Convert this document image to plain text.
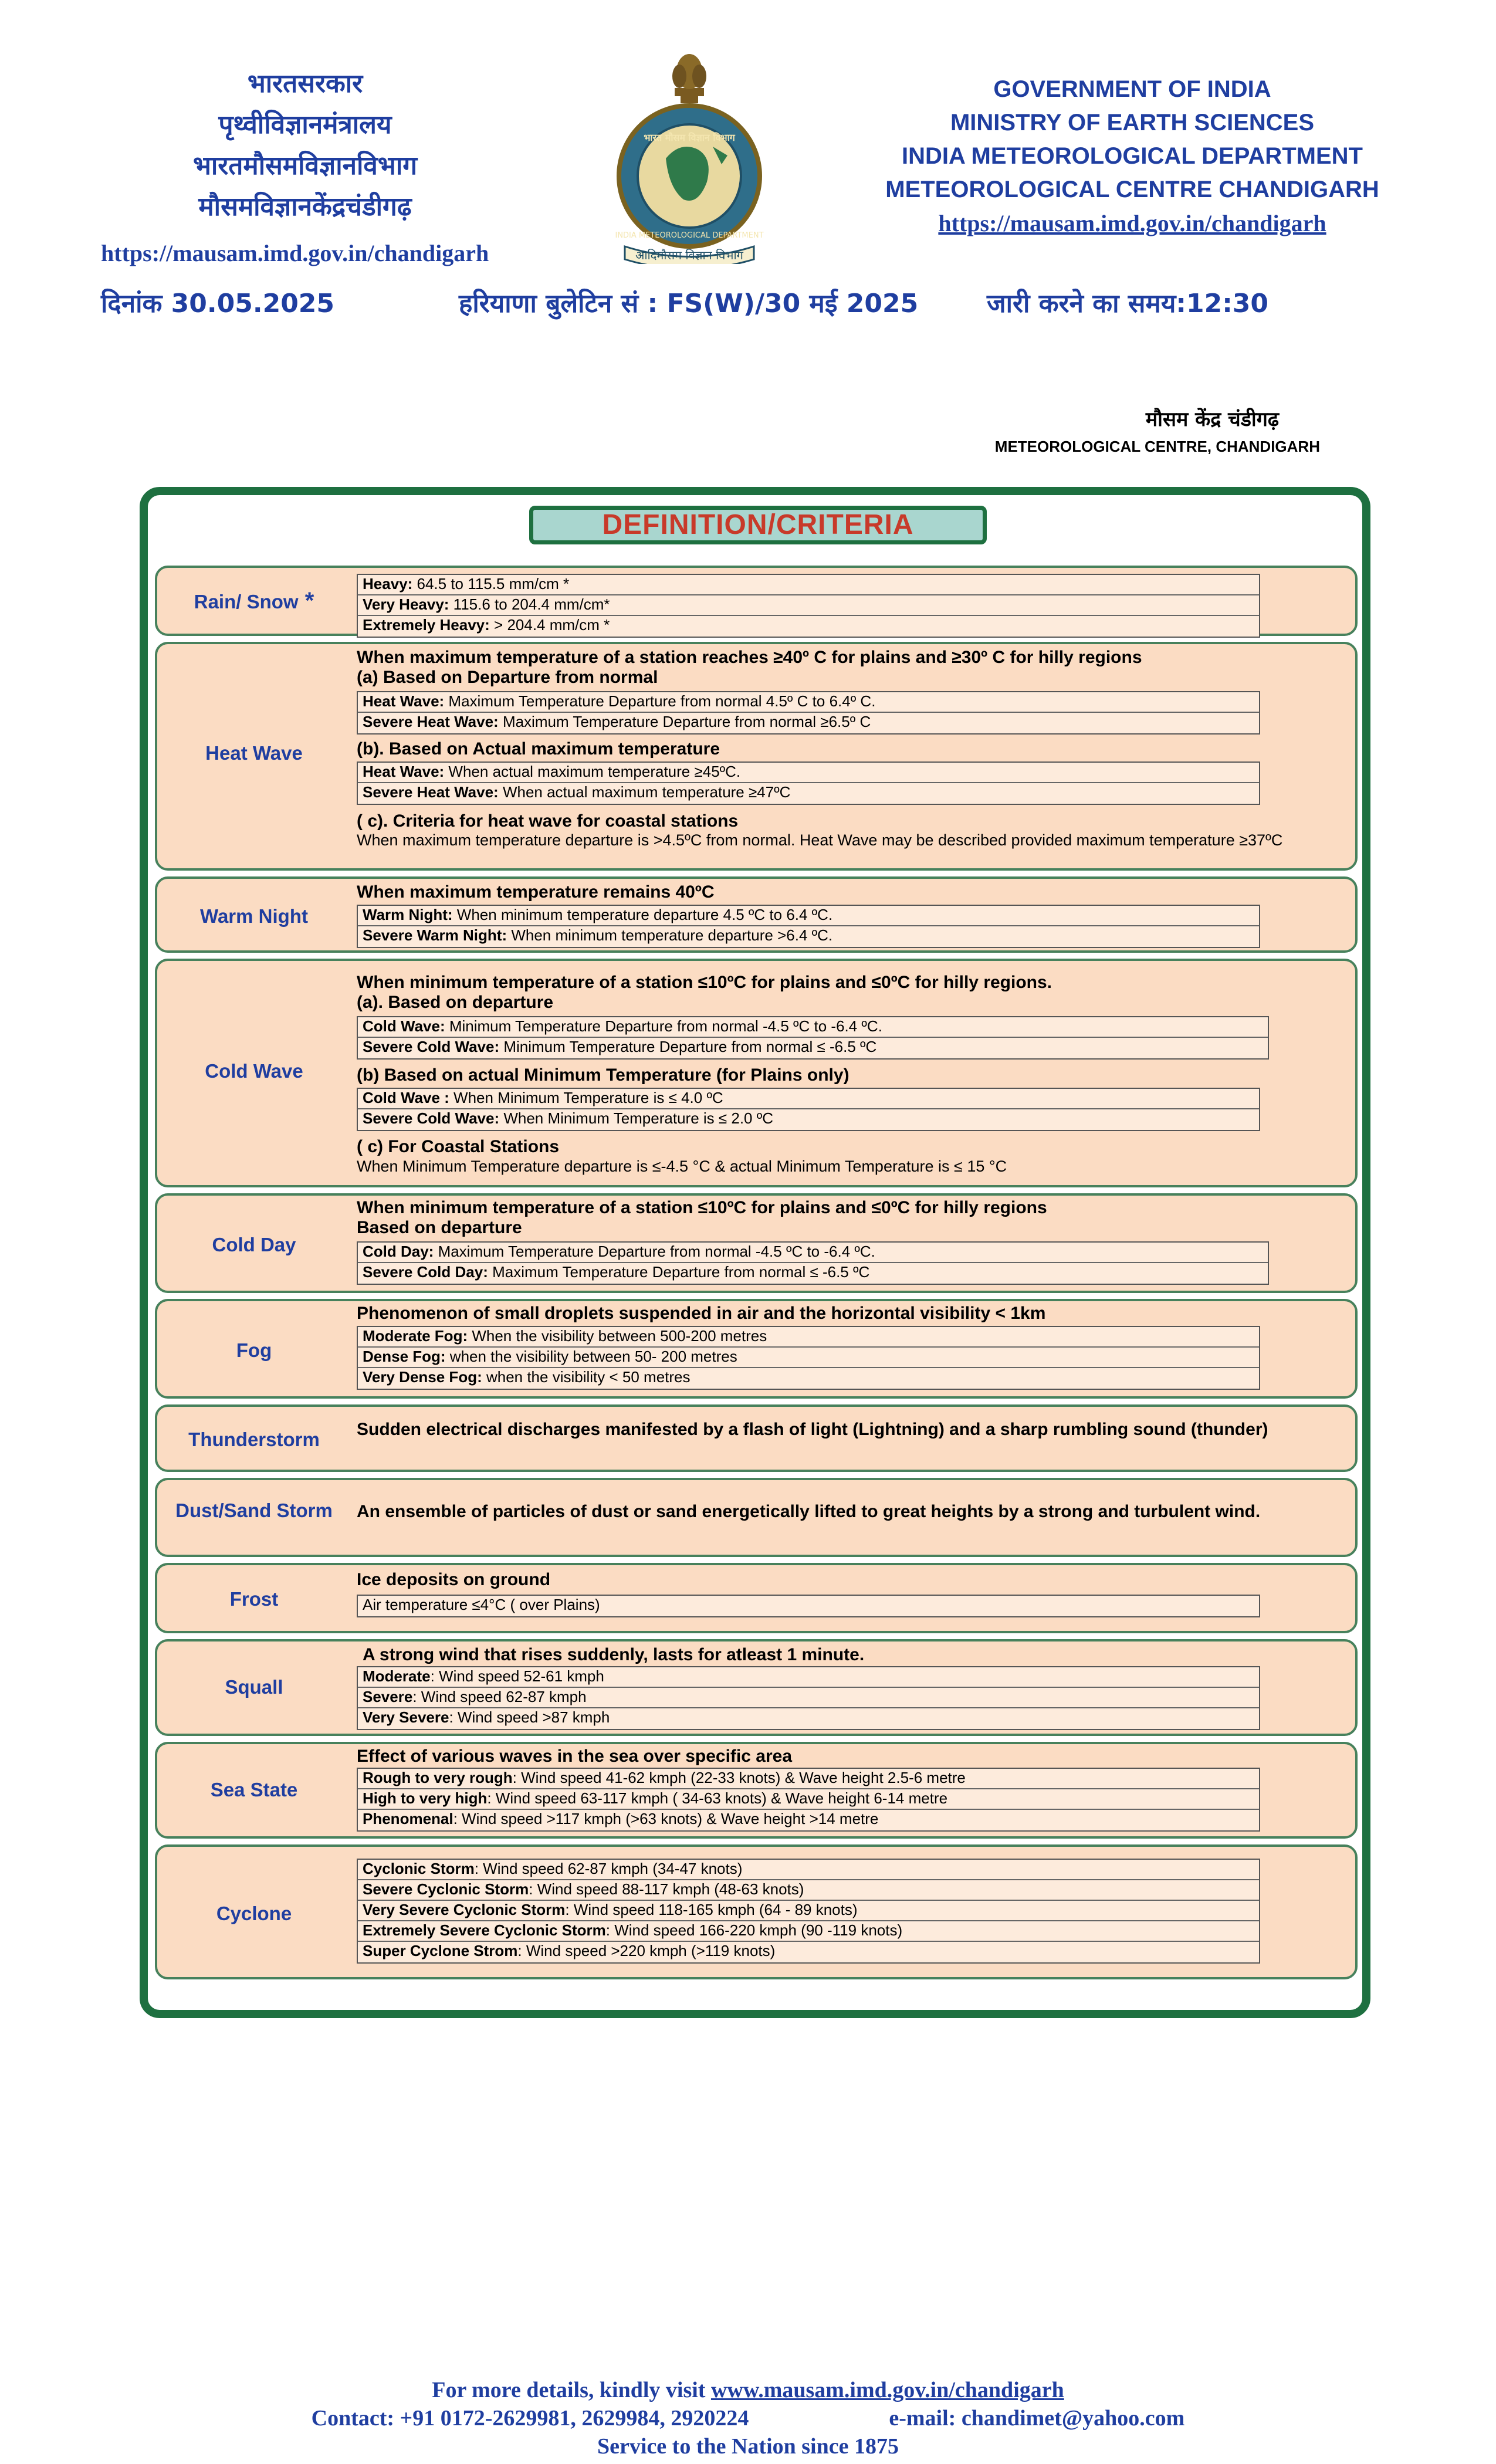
भारतसरकार
पृथ्वीविज्ञानमंत्रालय
भारतमौसमविज्ञानविभाग
मौसमविज्ञानकेंद्रचंडीगढ़
https://mausam.imd.gov.in/chandigarh
भारत मौसम विज्ञान विभाग
INDIA METEOROLOGICAL DEPARTMENT
आदिमौसम विज्ञान विभाग
GOVERNMENT OF INDIA
MINISTRY OF EARTH SCIENCES
INDIA METEOROLOGICAL DEPARTMENT
METEOROLOGICAL CENTRE CHANDIGARH
https://mausam.imd.gov.in/chandigarh
दिनांक 30.05.2025	हरियाणा बुलेटिन सं : FS(W)/30 मई 2025	जारी करने का समय:12:30
मौसम केंद्र चंडीगढ़
METEOROLOGICAL CENTRE, CHANDIGARH
DEFINITION/CRITERIA
Rain/ Snow *
Heavy: 64.5 to 115.5 mm/cm *
Very Heavy: 115.6 to 204.4 mm/cm*
Extremely Heavy: > 204.4 mm/cm *
Heat Wave
When maximum temperature of a station reaches ≥40º C for plains and ≥30º C for hilly regions
(a) Based on Departure from normal
Heat Wave: Maximum Temperature Departure from normal 4.5º C to 6.4º C.
Severe Heat Wave: Maximum Temperature Departure from normal ≥6.5º C
(b). Based on Actual maximum temperature
Heat Wave: When actual maximum temperature ≥45ºC.
Severe Heat Wave: When actual maximum temperature ≥47ºC
( c). Criteria for heat wave for coastal stations
When maximum temperature departure is >4.5ºC from normal. Heat Wave may be described provided maximum temperature ≥37ºC
Warm Night
When maximum temperature remains 40ºC
Warm Night: When minimum temperature departure 4.5 ºC to 6.4 ºC.
Severe Warm Night: When minimum temperature departure >6.4 ºC.
Cold Wave
When minimum temperature of a station ≤10ºC for plains and ≤0ºC for hilly regions.
(a). Based on departure
Cold Wave: Minimum Temperature Departure from normal -4.5 ºC to -6.4 ºC.
Severe Cold Wave: Minimum Temperature Departure from normal ≤ -6.5 ºC
(b) Based on actual Minimum Temperature (for Plains only)
Cold Wave : When Minimum Temperature is ≤ 4.0 ºC
Severe Cold Wave: When Minimum Temperature is ≤ 2.0 ºC
( c) For Coastal Stations
When Minimum Temperature departure is ≤-4.5 °C & actual Minimum Temperature is ≤ 15 °C
Cold Day
When minimum temperature of a station ≤10ºC for plains and ≤0ºC for hilly regions
Based on departure
Cold Day: Maximum Temperature Departure from normal -4.5 ºC to -6.4 ºC.
Severe Cold Day: Maximum Temperature Departure from normal ≤ -6.5 ºC
Fog
Phenomenon of small droplets suspended in air and the horizontal visibility < 1km
Moderate Fog: When the visibility between 500-200 metres
Dense Fog: when the visibility between 50- 200 metres
Very Dense Fog: when the visibility < 50 metres
Thunderstorm	Sudden electrical discharges manifested by a flash of light (Lightning) and a sharp rumbling sound (thunder)
Dust/Sand Storm An ensemble of particles of dust or sand energetically lifted to great heights by a strong and turbulent wind.
Frost
Ice deposits on ground
Air temperature ≤4°C ( over Plains)
Squall
A strong wind that rises suddenly, lasts for atleast 1 minute.
Moderate: Wind speed 52-61 kmph
Severe: Wind speed 62-87 kmph
Very Severe: Wind speed >87 kmph
Sea State
Effect of various waves in the sea over specific area
Rough to very rough: Wind speed 41-62 kmph (22-33 knots) & Wave height 2.5-6 metre
High to very high: Wind speed 63-117 kmph ( 34-63 knots) & Wave height 6-14 metre
Phenomenal: Wind speed >117 kmph (>63 knots) & Wave height >14 metre
Cyclone
Cyclonic Storm: Wind speed 62-87 kmph (34-47 knots)
Severe Cyclonic Storm: Wind speed 88-117 kmph (48-63 knots)
Very Severe Cyclonic Storm: Wind speed 118-165 kmph (64 - 89 knots)
Extremely Severe Cyclonic Storm: Wind speed 166-220 kmph (90 -119 knots)
Super Cyclone Strom: Wind speed >220 kmph (>119 knots)
For more details, kindly visit www.mausam.imd.gov.in/chandigarh
Contact: +91 0172-2629981, 2629984, 2920224	e-mail: chandimet@yahoo.com
Service to the Nation since 1875
